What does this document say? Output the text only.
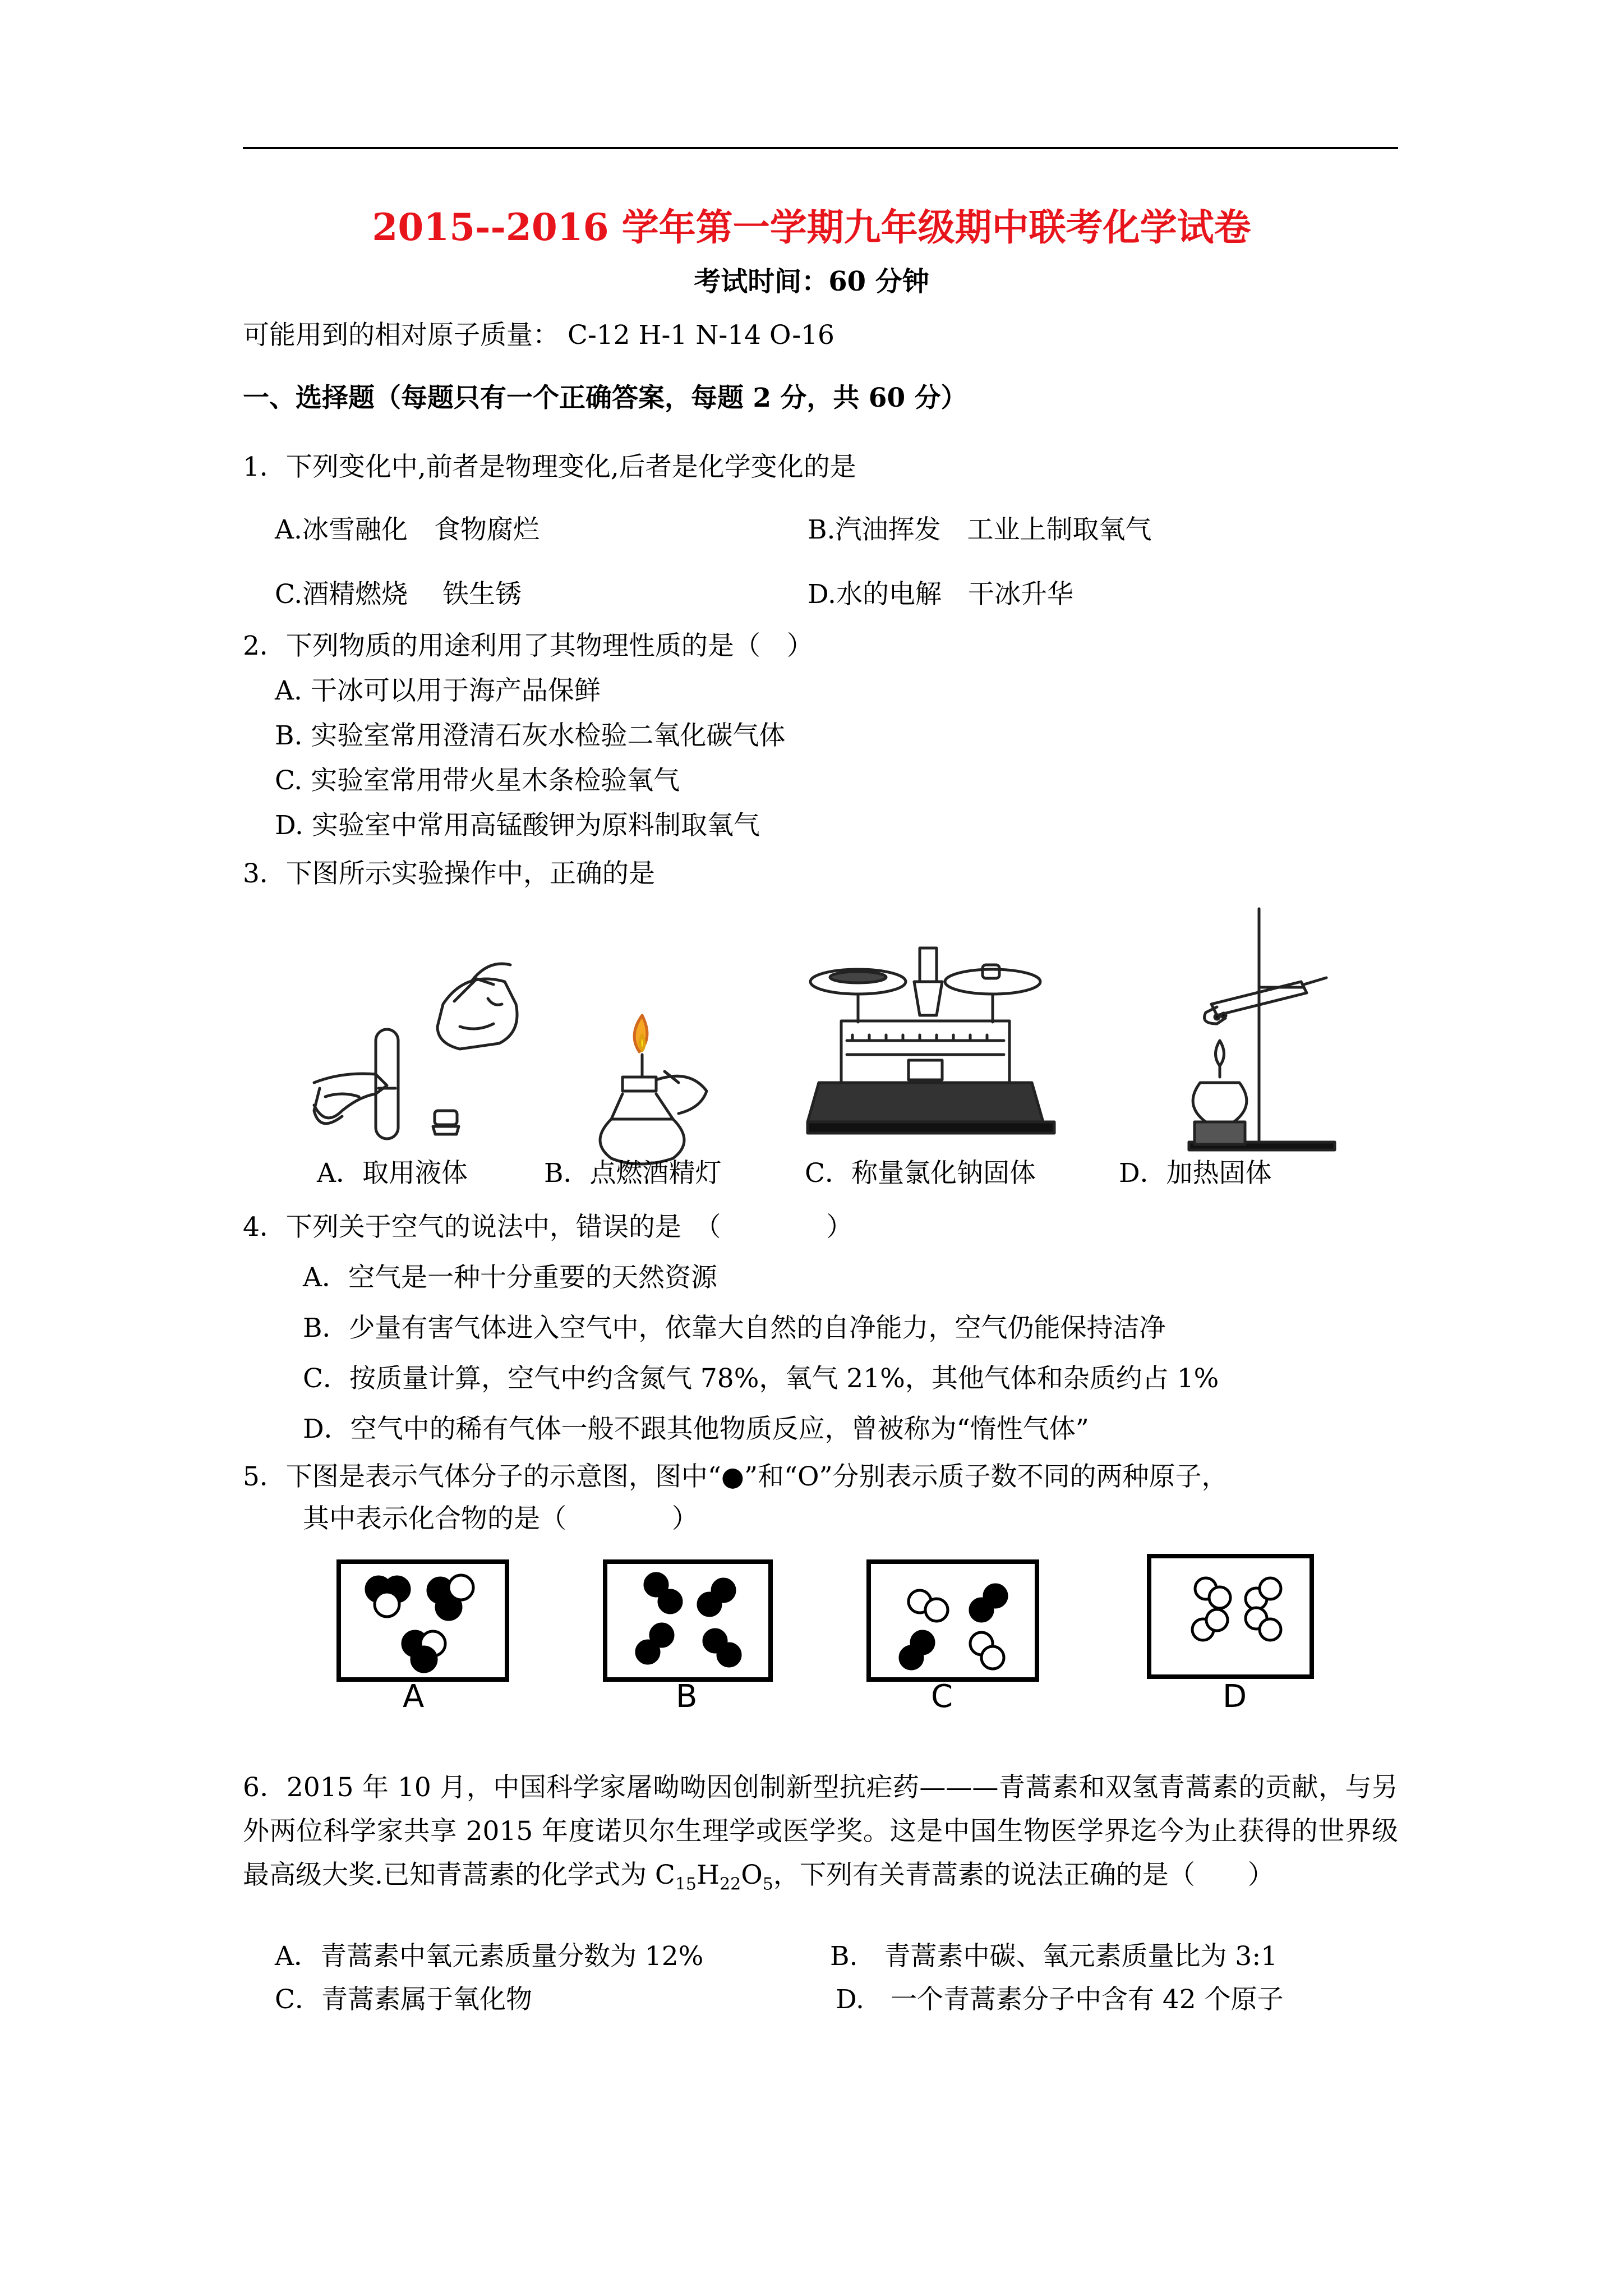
2015--2016 学年第一学期九年级期中联考化学试卷
考试时间：60 分钟
可能用到的相对原子质量： C-12 H-1 N-14 O-16
一、选择题（每题只有一个正确答案，每题 2 分，共 60 分）
1．下列变化中,前者是物理变化,后者是化学变化的是
A.冰雪融化　食物腐烂	B.汽油挥发　工业上制取氧气
C.酒精燃烧　 铁生锈	D.水的电解　干冰升华
2．下列物质的用途利用了其物理性质的是（　）
A. 干冰可以用于海产品保鲜
B. 实验室常用澄清石灰水检验二氧化碳气体
C. 实验室常用带火星木条检验氧气
D. 实验室中常用高锰酸钾为原料制取氧气
3．下图所示实验操作中，正确的是
A．取用液体	B．点燃酒精灯	C．称量氯化钠固体	D．加热固体
4．下列关于空气的说法中，错误的是　（　　　　）
A．空气是一种十分重要的天然资源
B．少量有害气体进入空气中，依靠大自然的自净能力，空气仍能保持洁净
C．按质量计算，空气中约含氮气 78%，氧气 21%，其他气体和杂质约占 1%
D．空气中的稀有气体一般不跟其他物质反应，曾被称为“惰性气体”
5．下图是表示气体分子的示意图，图中“●”和“O”分别表示质子数不同的两种原子，
其中表示化合物的是（　　　　）
A	B	C	D
6．2015 年 10 月，中国科学家屠呦呦因创制新型抗疟药———青蒿素和双氢青蒿素的贡献，与另外两位科学家共享 2015 年度诺贝尔生理学或医学奖。这是中国生物医学界迄今为止获得的世界级最高级大奖.已知青蒿素的化学式为 $C_{15}H_{22}O_5$，下列有关青蒿素的说法正确的是（　　）
A．青蒿素中氧元素质量分数为 12%	B.　青蒿素中碳、氧元素质量比为 3:1
C．青蒿素属于氧化物	D.　一个青蒿素分子中含有 42 个原子
